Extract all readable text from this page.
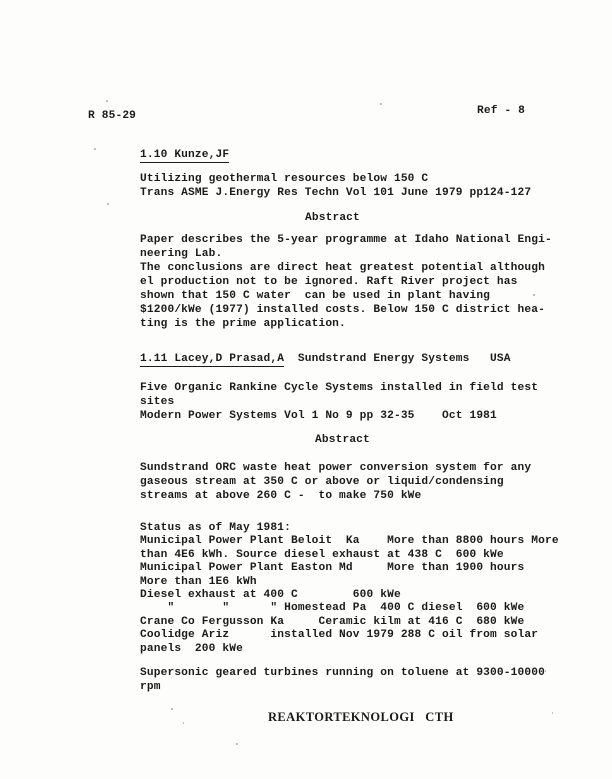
R 85-29	Ref - 8
1.10 Kunze,JF
Utilizing geothermal resources below 150 C
Trans ASME J.Energy Res Techn Vol 101 June 1979 pp124-127
Abstract
Paper describes the 5-year programme at Idaho National Engi-
neering Lab.
The conclusions are direct heat greatest potential although
el production not to be ignored. Raft River project has
shown that 150 C water  can be used in plant having
$1200/kWe (1977) installed costs. Below 150 C district hea-
ting is the prime application.
1.11 Lacey,D Prasad,A  Sundstrand Energy Systems   USA
Five Organic Rankine Cycle Systems installed in field test
sites
Modern Power Systems Vol 1 No 9 pp 32-35    Oct 1981
Abstract
Sundstrand ORC waste heat power conversion system for any
gaseous stream at 350 C or above or liquid/condensing
streams at above 260 C -  to make 750 kWe
Status as of May 1981:
Municipal Power Plant Beloit  Ka    More than 8800 hours More
than 4E6 kWh. Source diesel exhaust at 438 C  600 kWe
Municipal Power Plant Easton Md     More than 1900 hours
More than 1E6 kWh
Diesel exhaust at 400 C        600 kWe
"       "      " Homestead Pa  400 C diesel  600 kWe
Crane Co Fergusson Ka     Ceramic kilm at 416 C  680 kWe
Coolidge Ariz      installed Nov 1979 288 C oil from solar
panels  200 kWe
Supersonic geared turbines running on toluene at 9300-10000
rpm
REAKTORTEKNOLOGI   CTH
